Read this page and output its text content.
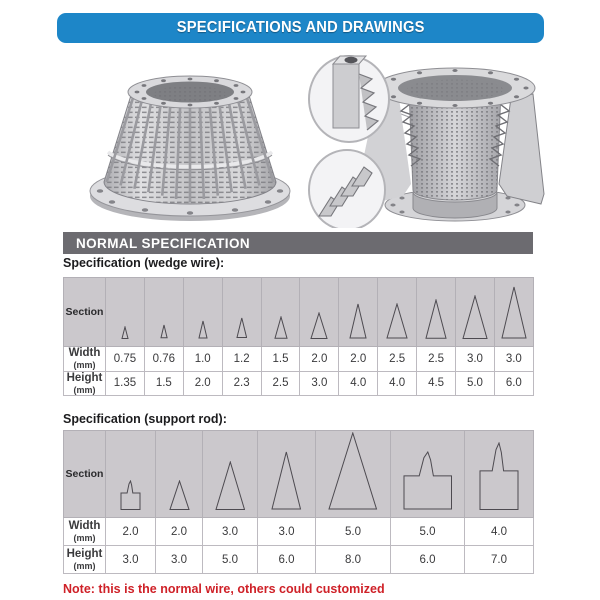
SPECIFICATIONS AND DRAWINGS
NORMAL SPECIFICATION
Specification (wedge wire):
Section	

Width
(mm)	0.75	0.76	1.0	1.2	1.5	2.0	2.0	2.5	2.5	3.0	3.0
Height
(mm)	1.35	1.5	2.0	2.3	2.5	3.0	4.0	4.0	4.5	5.0	6.0
Specification (support rod):
Section	

Width
(mm)	2.0	2.0	3.0	3.0	5.0	5.0	4.0
Height
(mm)	3.0	3.0	5.0	6.0	8.0	6.0	7.0
Note: this is the normal wire, others could customized
